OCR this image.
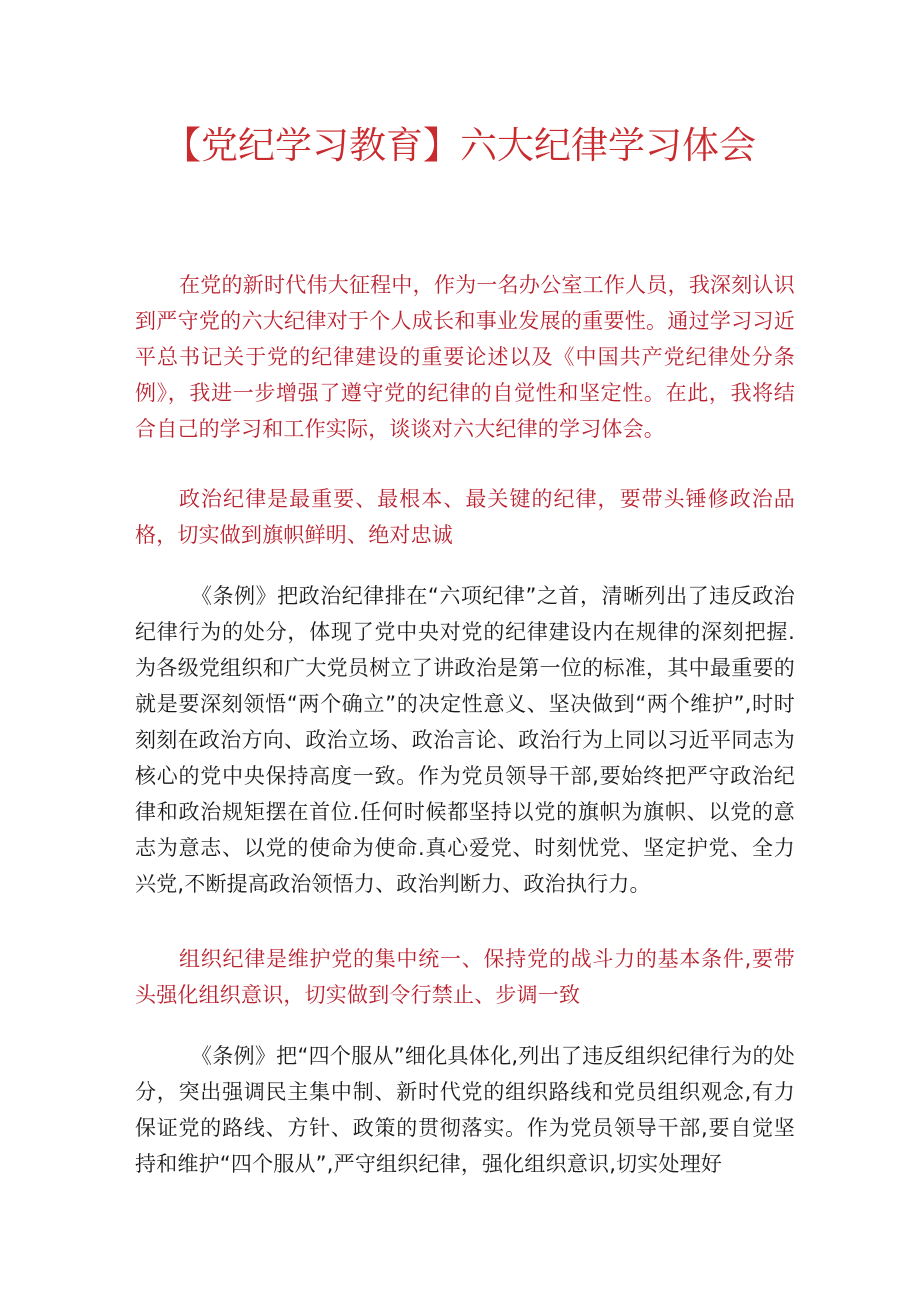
【党纪学习教育】六大纪律学习体会

在党的新时代伟大征程中，作为一名办公室工作人员，我深刻认识到严守党的六大纪律对于个人成长和事业发展的重要性。通过学习习近平总书记关于党的纪律建设的重要论述以及《中国共产党纪律处分条例》，我进一步增强了遵守党的纪律的自觉性和坚定性。在此，我将结合自己的学习和工作实际，谈谈对六大纪律的学习体会。

政治纪律是最重要、最根本、最关键的纪律，要带头锤修政治品格，切实做到旗帜鲜明、绝对忠诚

《条例》把政治纪律排在“六项纪律”之首，清晰列出了违反政治纪律行为的处分，体现了党中央对党的纪律建设内在规律的深刻把握.为各级党组织和广大党员树立了讲政治是第一位的标准，其中最重要的就是要深刻领悟“两个确立”的决定性意义、坚决做到“两个维护”,时时刻刻在政治方向、政治立场、政治言论、政治行为上同以习近平同志为核心的党中央保持高度一致。作为党员领导干部,要始终把严守政治纪律和政治规矩摆在首位.任何时候都坚持以党的旗帜为旗帜、以党的意志为意志、以党的使命为使命.真心爱党、时刻忧党、坚定护党、全力兴党,不断提高政治领悟力、政治判断力、政治执行力。

组织纪律是维护党的集中统一、保持党的战斗力的基本条件,要带头强化组织意识，切实做到令行禁止、步调一致

《条例》把“四个服从”细化具体化,列出了违反组织纪律行为的处分，突出强调民主集中制、新时代党的组织路线和党员组织观念,有力保证党的路线、方针、政策的贯彻落实。作为党员领导干部,要自觉坚持和维护“四个服从”,严守组织纪律，强化组织意识,切实处理好
